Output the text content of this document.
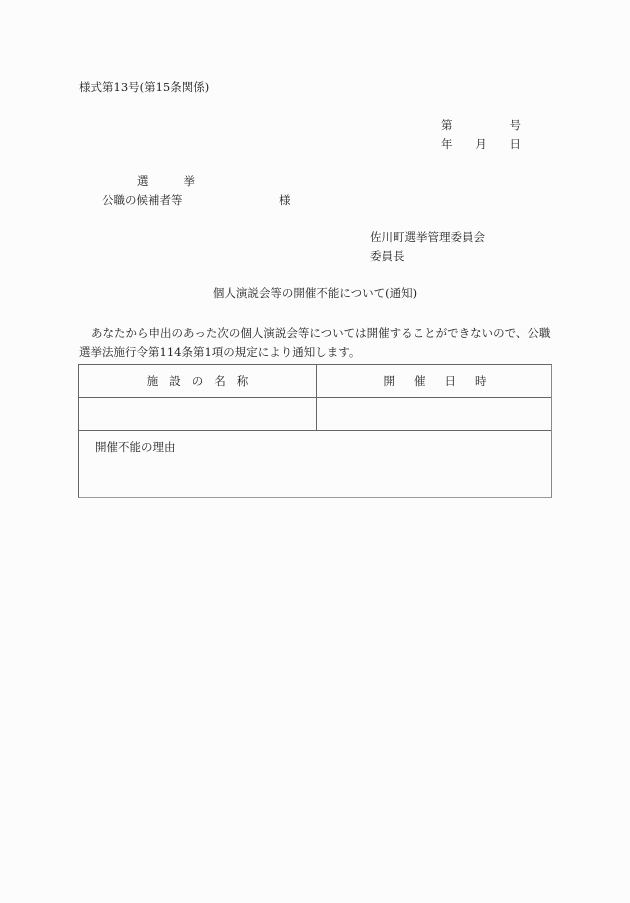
様式第13号(第15条関係)
第	号
年 月 日
選	挙
公職の候補者等	様
佐川町選挙管理委員会
委員長
個人演説会等の開催不能について(通知)
あなたから申出のあった次の個人演説会等については開催することができないので、公職選挙法施行令第114条第1項の規定により通知します。
施設の名称	開催日時
開催不能の理由
